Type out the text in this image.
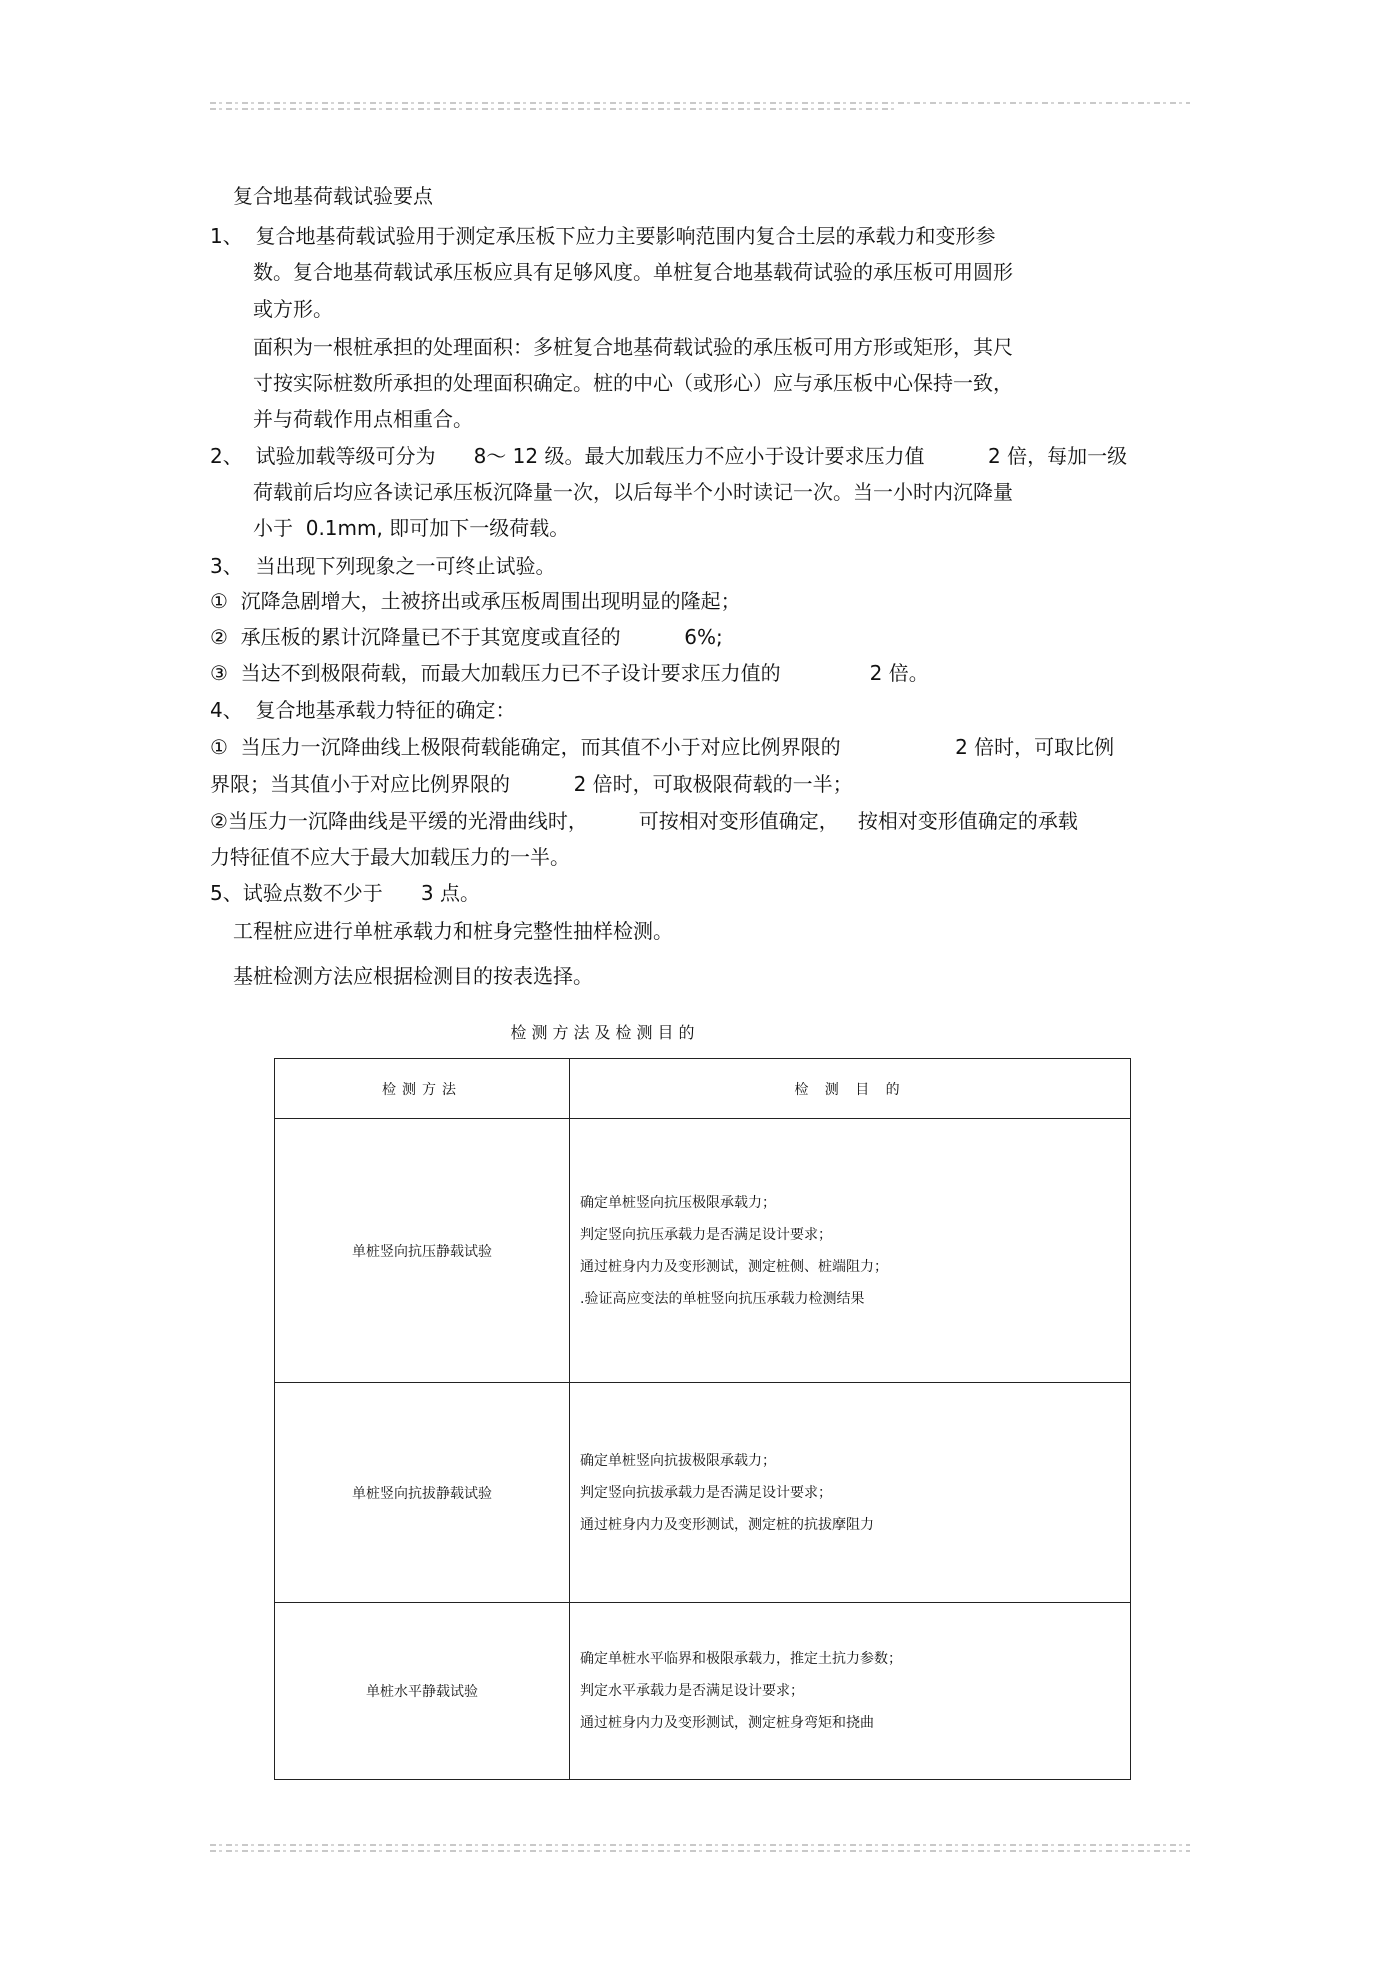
复合地基荷载试验要点
1、  复合地基荷载试验用于测定承压板下应力主要影响范围内复合土层的承载力和变形参
数。复合地基荷载试承压板应具有足够风度。单桩复合地基载荷试验的承压板可用圆形
或方形。
面积为一根桩承担的处理面积：多桩复合地基荷载试验的承压板可用方形或矩形，其尺
寸按实际桩数所承担的处理面积确定。桩的中心（或形心）应与承压板中心保持一致，
并与荷载作用点相重合。
2、  试验加载等级可分为      8～ 12 级。最大加载压力不应小于设计要求压力值          2 倍，每加一级
荷载前后均应各读记承压板沉降量一次，以后每半个小时读记一次。当一小时内沉降量
小于  0.1mm, 即可加下一级荷载。
3、  当出现下列现象之一可终止试验。
①  沉降急剧增大，土被挤出或承压板周围出现明显的隆起；
②  承压板的累计沉降量已不于其宽度或直径的          6%;
③  当达不到极限荷载，而最大加载压力已不子设计要求压力值的              2 倍。
4、  复合地基承载力特征的确定：
①  当压力一沉降曲线上极限荷载能确定，而其值不小于对应比例界限的                  2 倍时，可取比例
界限；当其值小于对应比例界限的          2 倍时，可取极限荷载的一半；
②当压力一沉降曲线是平缓的光滑曲线时，        可按相对变形值确定，   按相对变形值确定的承载
力特征值不应大于最大加载压力的一半。
5、试验点数不少于      3 点。
工程桩应进行单桩承载力和桩身完整性抽样检测。
基桩检测方法应根据检测目的按表选择。
检测方法及检测目的
检测方法	检 测 目 的
单桩竖向抗压静载试验	确定单桩竖向抗压极限承载力；
判定竖向抗压承载力是否满足设计要求；
通过桩身内力及变形测试，测定桩侧、桩端阻力；
.验证高应变法的单桩竖向抗压承载力检测结果

单桩竖向抗拔静载试验	确定单桩竖向抗拔极限承载力；
判定竖向抗拔承载力是否满足设计要求；
通过桩身内力及变形测试，测定桩的抗拔摩阻力

单桩水平静载试验	确定单桩水平临界和极限承载力，推定土抗力参数；
判定水平承载力是否满足设计要求；
通过桩身内力及变形测试，测定桩身弯矩和挠曲
